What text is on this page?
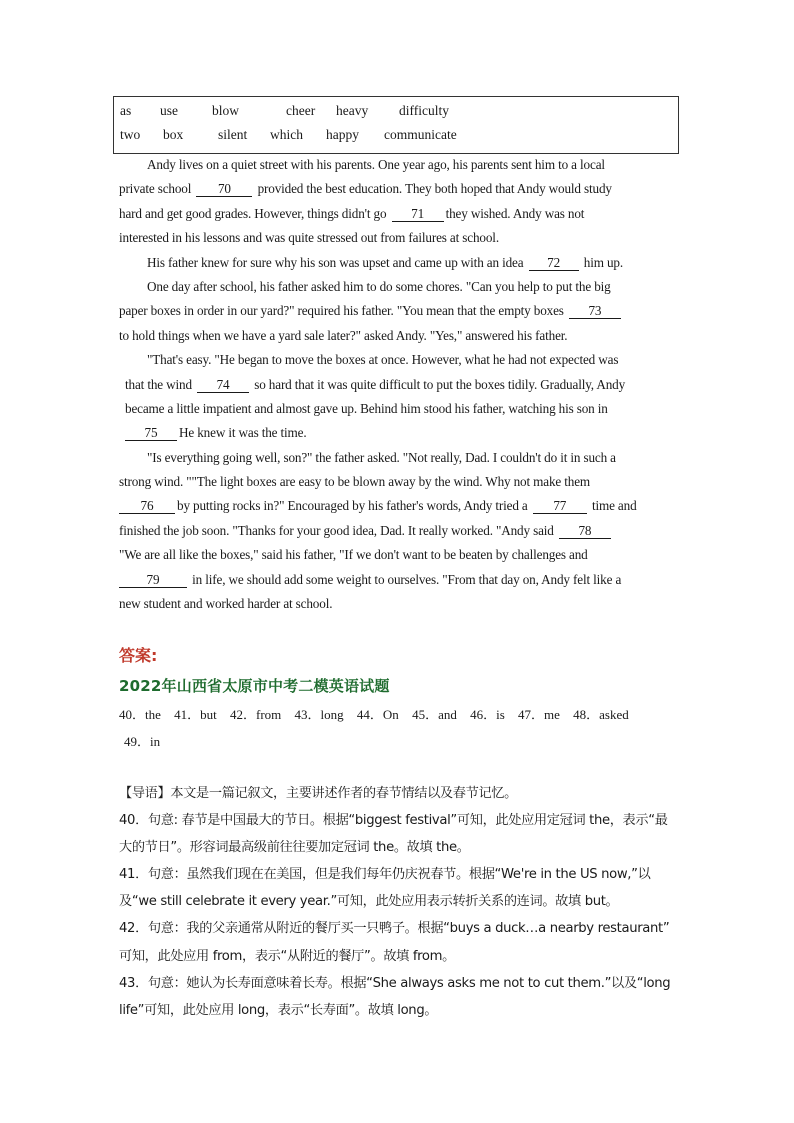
as use	blow	cheer heavy difficulty
two box	silent which happy communicate
Andy lives on a quiet street with his parents. One year ago, his parents sent him to a local
private school 70 provided the best education. They both hoped that Andy would study
hard and get good grades. However, things didn't go 71 they wished. Andy was not
interested in his lessons and was quite stressed out from failures at school.
His father knew for sure why his son was upset and came up with an idea 72 him up.
One day after school, his father asked him to do some chores. "Can you help to put the big
paper boxes in order in our yard?" required his father. "You mean that the empty boxes 73
to hold things when we have a yard sale later?" asked Andy. "Yes," answered his father.
"That's easy. "He began to move the boxes at once. However, what he had not expected was
that the wind 74 so hard that it was quite difficult to put the boxes tidily. Gradually, Andy
became a little impatient and almost gave up. Behind him stood his father, watching his son in
75 He knew it was the time.
"Is everything going well, son?" the father asked. "Not really, Dad. I couldn't do it in such a
strong wind. ""The light boxes are easy to be blown away by the wind. Why not make them
76 by putting rocks in?" Encouraged by his father's words, Andy tried a 77 time and
finished the job soon. "Thanks for your good idea, Dad. It really worked. "Andy said 78
"We are all like the boxes," said his father, "If we don't want to be beaten by challenges and
79 in life, we should add some weight to ourselves. "From that day on, Andy felt like a
new student and worked harder at school.
答案:
2022年山西省太原市中考二模英语试题
40．the 41．but 42．from 43．long 44．On 45．and 46．is 47．me 48．asked
49．in
【导语】本文是一篇记叙文，主要讲述作者的春节情结以及春节记忆。
40．句意: 春节是中国最大的节日。根据“biggest festival”可知，此处应用定冠词 the，表示“最
大的节日”。形容词最高级前往往要加定冠词 the。故填 the。
41．句意：虽然我们现在在美国，但是我们每年仍庆祝春节。根据“We're in the US now,”以
及“we still celebrate it every year.”可知，此处应用表示转折关系的连词。故填 but。
42．句意：我的父亲通常从附近的餐厅买一只鸭子。根据“buys a duck…a nearby restaurant”
可知，此处应用 from，表示“从附近的餐厅”。故填 from。
43．句意：她认为长寿面意味着长寿。根据“She always asks me not to cut them.”以及“long
life”可知，此处应用 long，表示“长寿面”。故填 long。
